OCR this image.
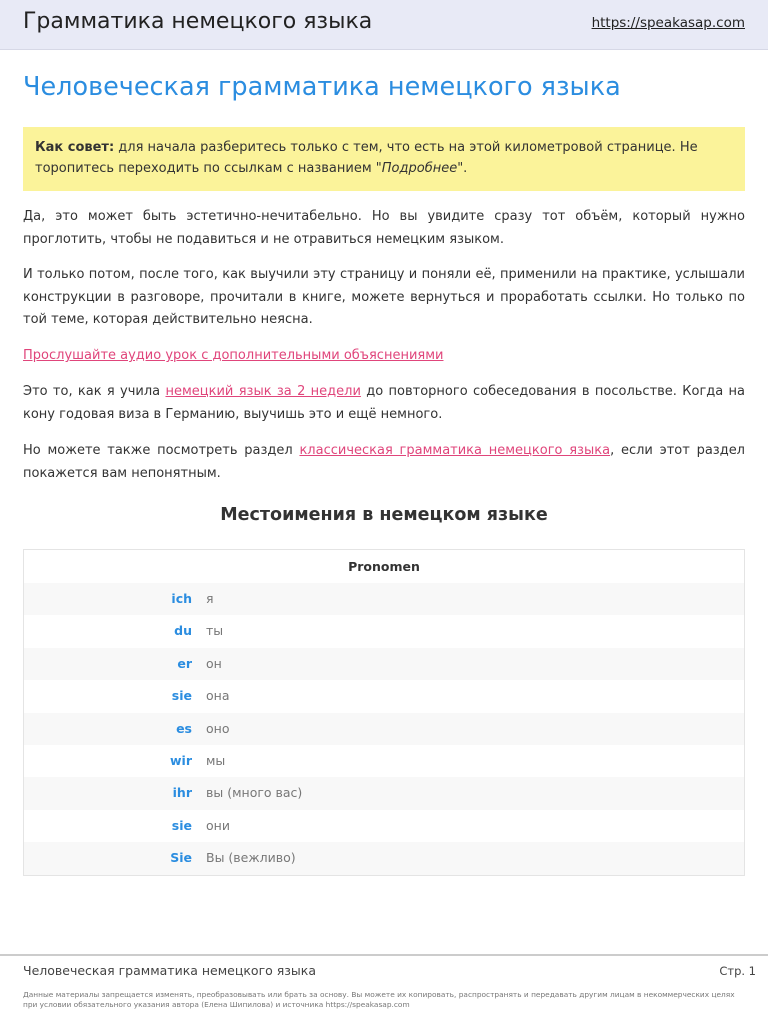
Грамматика немецкого языка	https://speakasap.com
Человеческая грамматика немецкого языка
Как совет: для начала разберитесь только с тем, что есть на этой километровой странице. Не торопитесь переходить по ссылкам с названием "Подробнее".

Да, это может быть эстетично-нечитабельно. Но вы увидите сразу тот объём, который нужно проглотить, чтобы не подавиться и не отравиться немецким языком.

И только потом, после того, как выучили эту страницу и поняли её, применили на практике, услышали конструкции в разговоре, прочитали в книге, можете вернуться и проработать ссылки. Но только по той теме, которая действительно неясна.

Прослушайте аудио урок с дополнительными объяснениями

Это то, как я учила немецкий язык за 2 недели до повторного собеседования в посольстве. Когда на кону годовая виза в Германию, выучишь это и ещё немного.

Но можете также посмотреть раздел классическая грамматика немецкого языка, если этот раздел покажется вам непонятным.

Местоимения в немецком языке
Pronomen
ich	я
du	ты
er	он
sie	она
es	оно
wir	мы
ihr	вы (много вас)
sie	они
Sie	Вы (вежливо)
Человеческая грамматика немецкого языка	Стр. 1
Данные материалы запрещается изменять, преобразовывать или брать за основу. Вы можете их копировать, распространять и передавать другим лицам в некоммерческих целях при условии обязательного указания автора (Елена Шипилова) и источника https://speakasap.com
